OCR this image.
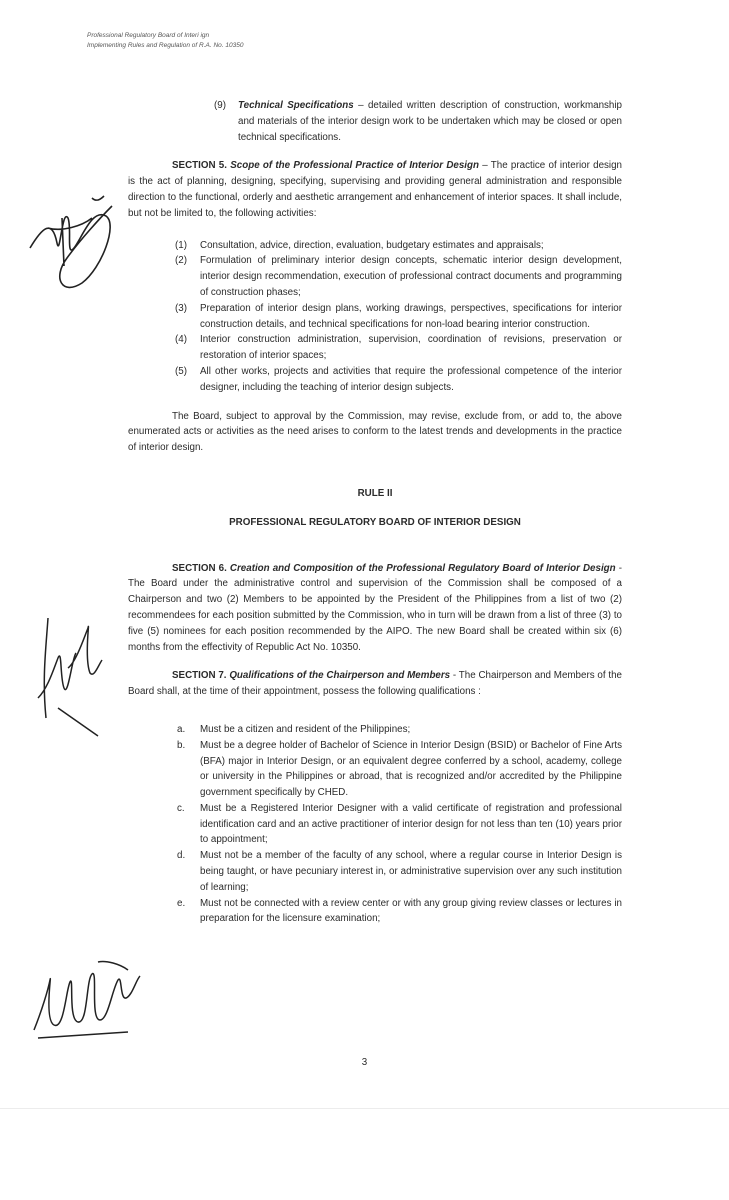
Professional Regulatory Board of Interi ign
Implementing Rules and Regulation of R.A. No. 10350

(9) Technical Specifications – detailed written description of construction, workmanship and materials of the interior design work to be undertaken which may be closed or open technical specifications.

SECTION 5. Scope of the Professional Practice of Interior Design – The practice of interior design is the act of planning, designing, specifying, supervising and providing general administration and responsible direction to the functional, orderly and aesthetic arrangement and enhancement of interior spaces. It shall include, but not be limited to, the following activities:

(1) Consultation, advice, direction, evaluation, budgetary estimates and appraisals;
(2) Formulation of preliminary interior design concepts, schematic interior design development, interior design recommendation, execution of professional contract documents and programming of construction phases;
(3) Preparation of interior design plans, working drawings, perspectives, specifications for interior construction details, and technical specifications for non-load bearing interior construction.
(4) Interior construction administration, supervision, coordination of revisions, preservation or restoration of interior spaces;
(5) All other works, projects and activities that require the professional competence of the interior designer, including the teaching of interior design subjects.

The Board, subject to approval by the Commission, may revise, exclude from, or add to, the above enumerated acts or activities as the need arises to conform to the latest trends and developments in the practice of interior design.

RULE II

PROFESSIONAL REGULATORY BOARD OF INTERIOR DESIGN

SECTION 6. Creation and Composition of the Professional Regulatory Board of Interior Design - The Board under the administrative control and supervision of the Commission shall be composed of a Chairperson and two (2) Members to be appointed by the President of the Philippines from a list of two (2) recommendees for each position submitted by the Commission, who in turn will be drawn from a list of three (3) to five (5) nominees for each position recommended by the AIPO. The new Board shall be created within six (6) months from the effectivity of Republic Act No. 10350.

SECTION 7. Qualifications of the Chairperson and Members - The Chairperson and Members of the Board shall, at the time of their appointment, possess the following qualifications :

a. Must be a citizen and resident of the Philippines;
b. Must be a degree holder of Bachelor of Science in Interior Design (BSID) or Bachelor of Fine Arts (BFA) major in Interior Design, or an equivalent degree conferred by a school, academy, college or university in the Philippines or abroad, that is recognized and/or accredited by the Philippine government specifically by CHED.
c. Must be a Registered Interior Designer with a valid certificate of registration and professional identification card and an active practitioner of interior design for not less than ten (10) years prior to appointment;
d. Must not be a member of the faculty of any school, where a regular course in Interior Design is being taught, or have pecuniary interest in, or administrative supervision over any such institution of learning;
e. Must not be connected with a review center or with any group giving review classes or lectures in preparation for the licensure examination;
3
